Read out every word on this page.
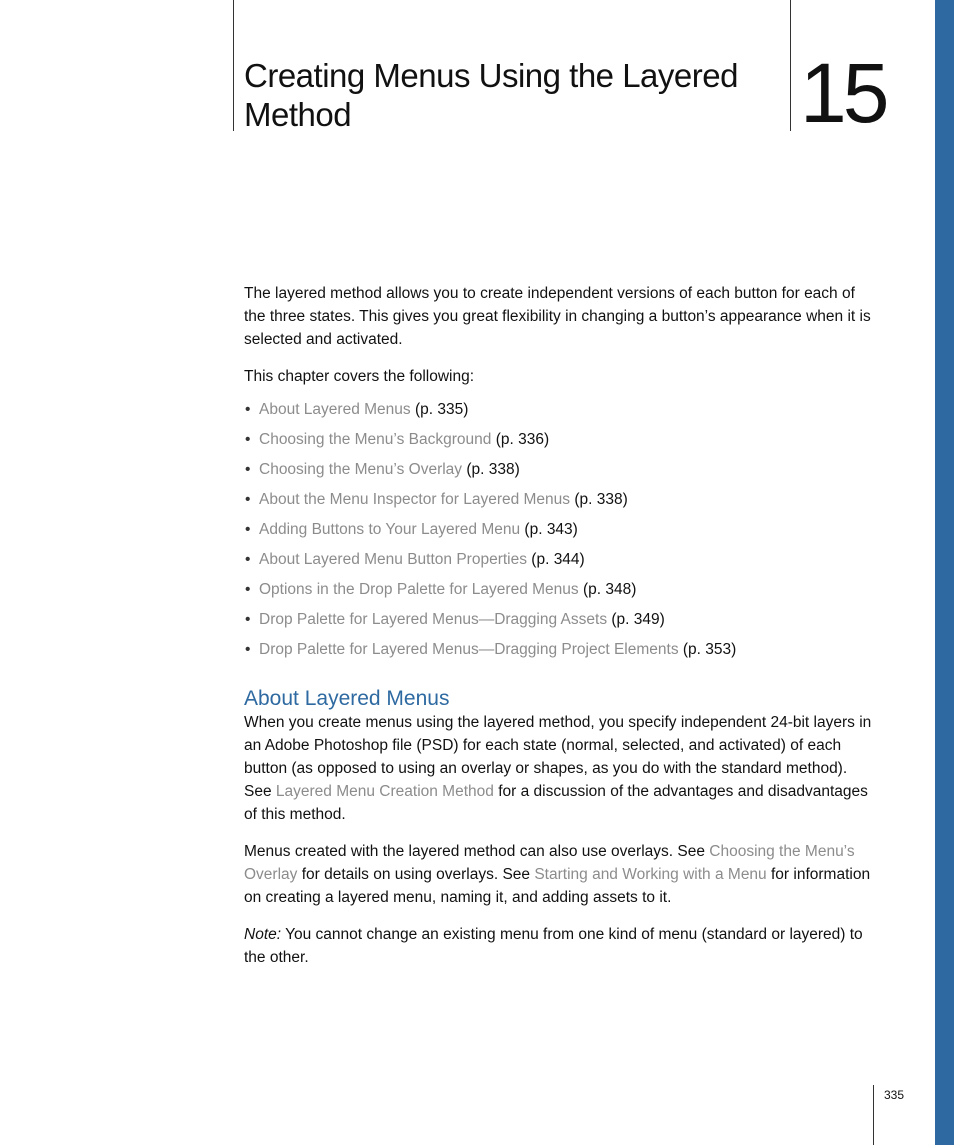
Creating Menus Using the Layered Method	15

The layered method allows you to create independent versions of each button for each of the three states. This gives you great flexibility in changing a button’s appearance when it is selected and activated.

This chapter covers the following:

• About Layered Menus (p. 335)
• Choosing the Menu’s Background (p. 336)
• Choosing the Menu’s Overlay (p. 338)
• About the Menu Inspector for Layered Menus (p. 338)
• Adding Buttons to Your Layered Menu (p. 343)
• About Layered Menu Button Properties (p. 344)
• Options in the Drop Palette for Layered Menus (p. 348)
• Drop Palette for Layered Menus—Dragging Assets (p. 349)
• Drop Palette for Layered Menus—Dragging Project Elements (p. 353)
About Layered Menus

When you create menus using the layered method, you specify independent 24-bit layers in an Adobe Photoshop file (PSD) for each state (normal, selected, and activated) of each button (as opposed to using an overlay or shapes, as you do with the standard method). See Layered Menu Creation Method for a discussion of the advantages and disadvantages of this method.

Menus created with the layered method can also use overlays. See Choosing the Menu’s Overlay for details on using overlays. See Starting and Working with a Menu for information on creating a layered menu, naming it, and adding assets to it.

Note: You cannot change an existing menu from one kind of menu (standard or layered) to the other.

335
